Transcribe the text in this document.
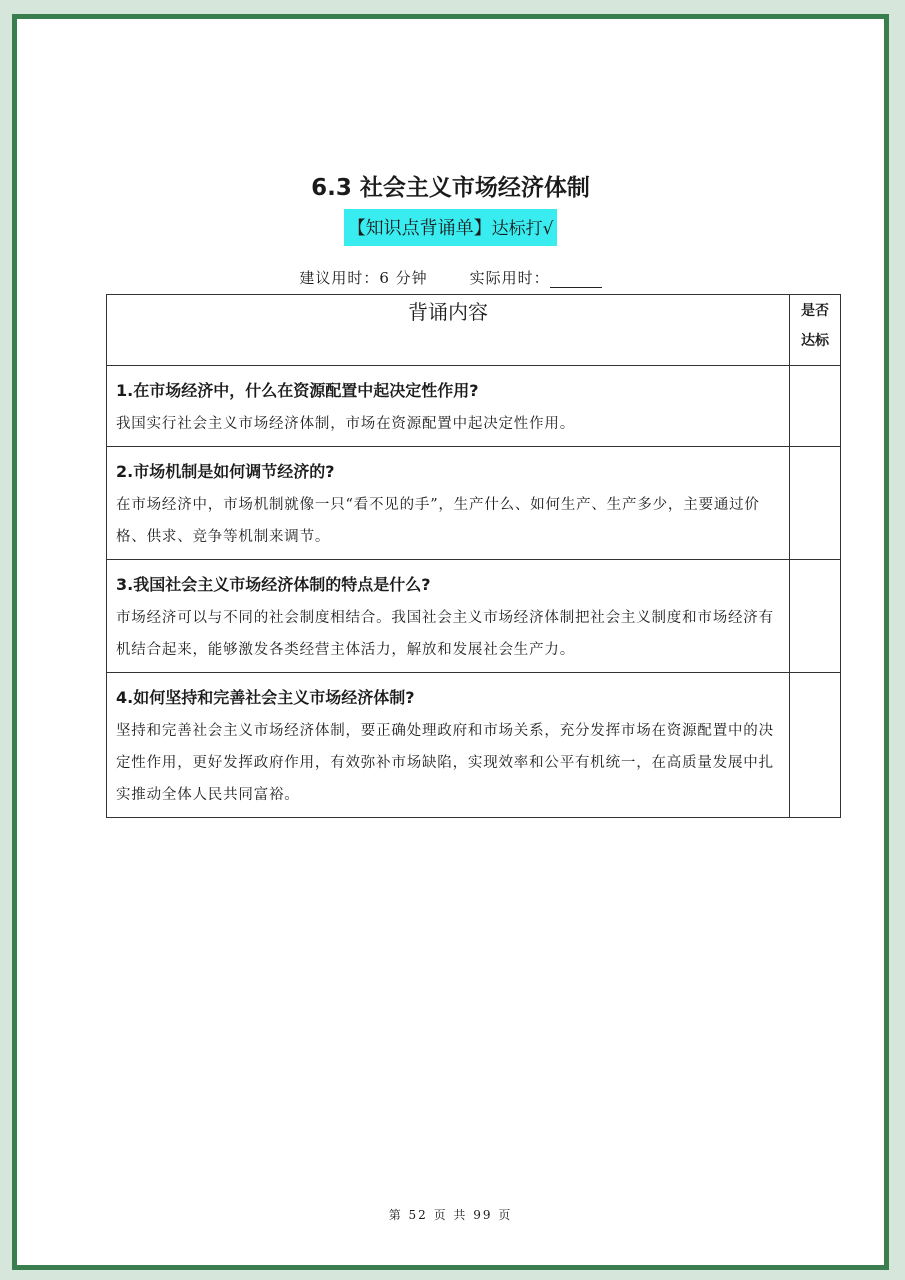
6.3 社会主义市场经济体制
【知识点背诵单】达标打√
建议用时：6 分钟	实际用时：
背诵内容	是否
达标

1.在市场经济中，什么在资源配置中起决定性作用?
我国实行社会主义市场经济体制，市场在资源配置中起决定性作用。	

2.市场机制是如何调节经济的?
在市场经济中，市场机制就像一只“看不见的手”，生产什么、如何生产、生产多少，主要通过价格、供求、竞争等机制来调节。	

3.我国社会主义市场经济体制的特点是什么?
市场经济可以与不同的社会制度相结合。我国社会主义市场经济体制把社会主义制度和市场经济有机结合起来，能够激发各类经营主体活力，解放和发展社会生产力。	

4.如何坚持和完善社会主义市场经济体制?
坚持和完善社会主义市场经济体制，要正确处理政府和市场关系，充分发挥市场在资源配置中的决定性作用，更好发挥政府作用，有效弥补市场缺陷，实现效率和公平有机统一，在高质量发展中扎实推动全体人民共同富裕。	

第 52 页 共 99 页
